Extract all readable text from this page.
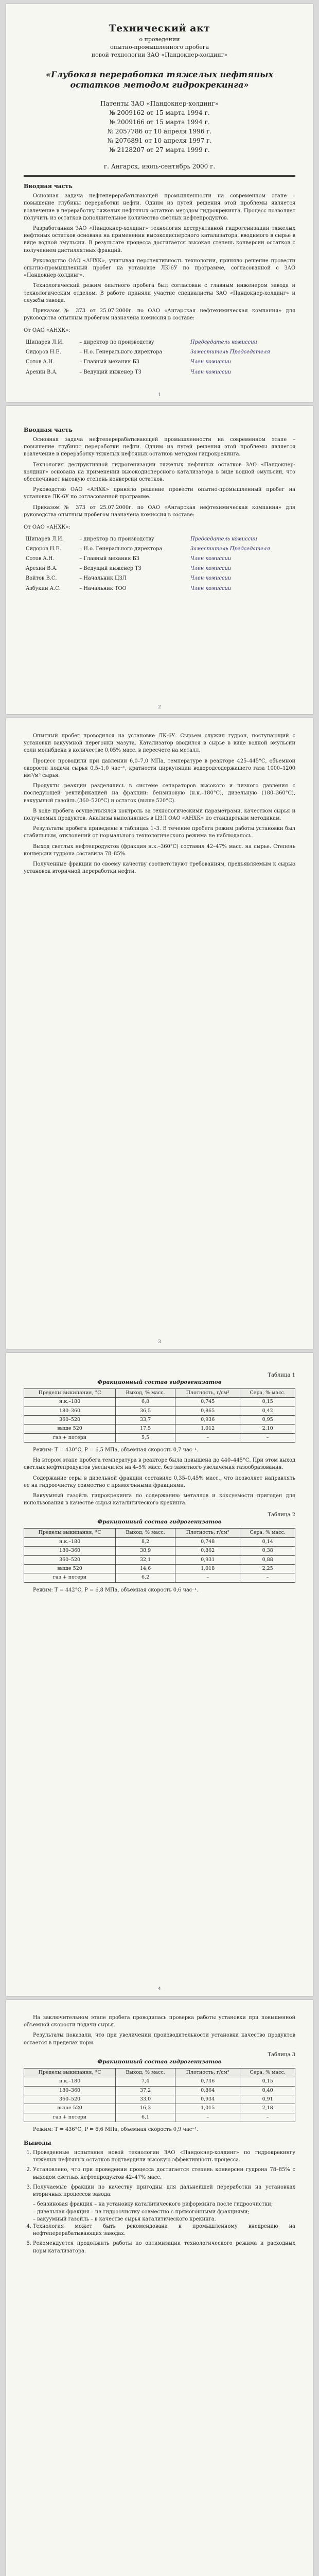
Технический акт

о проведении

опытно-промышленного пробега

новой технологии ЗАО «Пандокнер-холдинг»

«Глубокая переработка тяжелых нефтяных остатков методом гидрокрекинга»
Патенты ЗАО «Пандокнер-холдинг»
№ 2009162 от 15 марта 1994 г.
№ 2009166 от 15 марта 1994 г.
№ 2057786 от 10 апреля 1996 г.
№ 2076891 от 10 апреля 1997 г.
№ 2128207 от 27 марта 1999 г.
г. Ангарск, июль-сентябрь 2000 г.
Вводная часть

Основная задача нефтеперерабатывающей промышленности на современном этапе – повышение глубины переработки нефти. Одним из путей решения этой проблемы является вовлечение в переработку тяжелых нефтяных остатков методом гидрокрекинга. Процесс позволяет получить из остатков дополнительное количество светлых нефтепродуктов.

Разработанная ЗАО «Пандокнер-холдинг» технология деструктивной гидрогенизации тяжелых нефтяных остатков основана на применении высокодисперсного катализатора, вводимого в сырье в виде водной эмульсии. В результате процесса достигается высокая степень конверсии остатков с получением дистиллятных фракций.

Руководство ОАО «АНХК», учитывая перспективность технологии, приняло решение провести опытно-промышленный пробег на установке ЛК-6У по программе, согласованной с ЗАО «Пандокнер-холдинг».

Технологический режим опытного пробега был согласован с главным инженером завода и технологическим отделом. В работе приняли участие специалисты ЗАО «Пандокнер-холдинг» и службы завода.

Приказом № 373 от 25.07.2000г. по ОАО «Ангарская нефтехимическая компания» для руководства опытным пробегом назначена комиссия в составе:

От ОАО «АНХК»:
Шипарев Л.И.	– директор по производству	Председатель комиссии
Сидоров Н.Е.	– Н.о. Генерального директора	Заместитель Председателя
Сотов А.Н.	– Главный механик БЗ	Член комиссии
Арехин В.А.	– Ведущий инженер ТЗ	Член комиссии
1
Вводная часть

Основная задача нефтеперерабатывающей промышленности на современном этапе – повышение глубины переработки нефти. Одним из путей решения этой проблемы является вовлечение в переработку тяжелых нефтяных остатков методом гидрокрекинга.

Технология деструктивной гидрогенизации тяжелых нефтяных остатков ЗАО «Пандокнер-холдинг» основана на применении высокодисперсного катализатора в виде водной эмульсии, что обеспечивает высокую степень конверсии остатков.

Руководство ОАО «АНХК» приняло решение провести опытно-промышленный пробег на установке ЛК-6У по согласованной программе.

Приказом № 373 от 25.07.2000г. по ОАО «Ангарская нефтехимическая компания» для руководства опытным пробегом назначена комиссия в составе:

От ОАО «АНХК»:
Шипарев Л.И.	– директор по производству	Председатель комиссии
Сидоров Н.Е.	– Н.о. Генерального директора	Заместитель Председателя
Сотов А.Н.	– Главный механик БЗ	Член комиссии
Арехин В.А.	– Ведущий инженер ТЗ	Член комиссии
Войтов В.С.	– Начальник ЦЗЛ	Член комиссии
Азбукин А.С.	– Начальник ТОО	Член комиссии
2

Опытный пробег проводился на установке ЛК-6У. Сырьем служил гудрон, поступающий с установки вакуумной перегонки мазута. Катализатор вводился в сырье в виде водной эмульсии соли молибдена в количестве 0,05% масс. в пересчете на металл.

Процесс проводили при давлении 6,0–7,0 МПа, температуре в реакторе 425–445°С, объемной скорости подачи сырья 0,5–1,0 час⁻¹, кратности циркуляции водородсодержащего газа 1000–1200 нм³/м³ сырья.

Продукты реакции разделялись в системе сепараторов высокого и низкого давления с последующей ректификацией на фракции: бензиновую (н.к.–180°С), дизельную (180–360°С), вакуумный газойль (360–520°С) и остаток (выше 520°С).

В ходе пробега осуществлялся контроль за технологическими параметрами, качеством сырья и получаемых продуктов. Анализы выполнялись в ЦЗЛ ОАО «АНХК» по стандартным методикам.

Результаты пробега приведены в таблицах 1–3. В течение пробега режим работы установки был стабильным, отклонений от нормального технологического режима не наблюдалось.

Выход светлых нефтепродуктов (фракция н.к.–360°С) составил 42–47% масс. на сырье. Степень конверсии гудрона составила 78–85%.

Полученные фракции по своему качеству соответствуют требованиям, предъявляемым к сырью установок вторичной переработки нефти.

3
Таблица 1
Фракционный состав гидрогенизатов
Пределы выкипания, °С	Выход, % масс.	Плотность, г/см³	Сера, % масс.
н.к.–180	6,8	0,745	0,15
180–360	36,5	0,865	0,42
360–520	33,7	0,936	0,95
выше 520	17,5	1,012	2,10
газ + потери	5,5	–	–

Режим: T = 430°С, P = 6,5 МПа, объемная скорость 0,7 час⁻¹.

На втором этапе пробега температура в реакторе была повышена до 440–445°С. При этом выход светлых нефтепродуктов увеличился на 4–5% масс. без заметного увеличения газообразования.

Содержание серы в дизельной фракции составило 0,35–0,45% масс., что позволяет направлять ее на гидроочистку совместно с прямогонными фракциями.

Вакуумный газойль гидрокрекинга по содержанию металлов и коксуемости пригоден для использования в качестве сырья каталитического крекинга.

Таблица 2
Фракционный состав гидрогенизатов
Пределы выкипания, °С	Выход, % масс.	Плотность, г/см³	Сера, % масс.
н.к.–180	8,2	0,748	0,14
180–360	38,9	0,862	0,38
360–520	32,1	0,931	0,88
выше 520	14,6	1,018	2,25
газ + потери	6,2	–	–

Режим: T = 442°С, P = 6,8 МПа, объемная скорость 0,6 час⁻¹.

4

На заключительном этапе пробега проводилась проверка работы установки при повышенной объемной скорости подачи сырья.

Результаты показали, что при увеличении производительности установки качество продуктов остается в пределах норм.

Таблица 3
Фракционный состав гидрогенизатов
Пределы выкипания, °С	Выход, % масс.	Плотность, г/см³	Сера, % масс.
н.к.–180	7,4	0,746	0,15
180–360	37,2	0,864	0,40
360–520	33,0	0,934	0,91
выше 520	16,3	1,015	2,18
газ + потери	6,1	–	–

Режим: T = 436°С, P = 6,6 МПа, объемная скорость 0,9 час⁻¹.

Выводы
1. Проведенные испытания новой технологии ЗАО «Пандокнер-холдинг» по гидрокрекингу тяжелых нефтяных остатков подтвердили высокую эффективность процесса.
2. Установлено, что при проведении процесса достигается степень конверсии гудрона 78–85% с выходом светлых нефтепродуктов 42–47% масс.
3. Получаемые фракции по качеству пригодны для дальнейшей переработки на установках вторичных процессов завода:
– бензиновая фракция – на установку каталитического риформинга после гидроочистки;
– дизельная фракция – на гидроочистку совместно с прямогонными фракциями;
– вакуумный газойль – в качестве сырья каталитического крекинга.
4. Технология может быть рекомендована к промышленному внедрению на нефтеперерабатывающих заводах.
5. Рекомендуется продолжить работы по оптимизации технологического режима и расходных норм катализатора.
